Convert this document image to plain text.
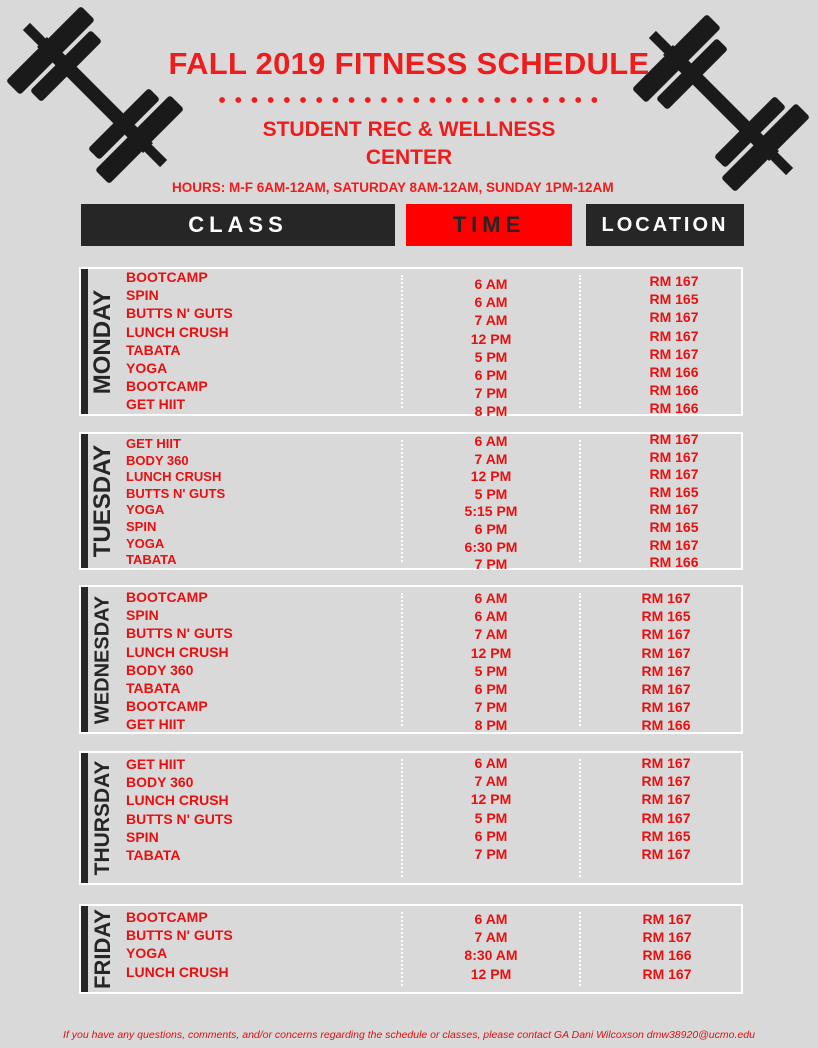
FALL 2019 FITNESS SCHEDULE
STUDENT REC & WELLNESS
CENTER
HOURS: M-F 6AM-12AM, SATURDAY 8AM-12AM, SUNDAY 1PM-12AM
CLASS	TIME	LOCATION
MONDAY
BOOTCAMP
SPIN
BUTTS N' GUTS
LUNCH CRUSH
TABATA
YOGA
BOOTCAMP
GET HIIT
6 AM
6 AM
7 AM
12 PM
5 PM
6 PM
7 PM
8 PM
RM 167
RM 165
RM 167
RM 167
RM 167
RM 166
RM 166
RM 166
TUESDAY
GET HIIT
BODY 360
LUNCH CRUSH
BUTTS N' GUTS
YOGA
SPIN
YOGA
TABATA
6 AM
7 AM
12 PM
5 PM
5:15 PM
6 PM
6:30 PM
7 PM
RM 167
RM 167
RM 167
RM 165
RM 167
RM 165
RM 167
RM 166
WEDNESDAY BOOTCAMP
SPIN
BUTTS N' GUTS
LUNCH CRUSH
BODY 360
TABATA
BOOTCAMP
GET HIIT
6 AM
6 AM
7 AM
12 PM
5 PM
6 PM
7 PM
8 PM
RM 167
RM 165
RM 167
RM 167
RM 167
RM 167
RM 167
RM 166
THURSDAY GET HIIT
BODY 360
LUNCH CRUSH
BUTTS N' GUTS
SPIN
TABATA
6 AM
7 AM
12 PM
5 PM
6 PM
7 PM
RM 167
RM 167
RM 167
RM 167
RM 165
RM 167
FRIDAY BOOTCAMP
BUTTS N' GUTS
YOGA
LUNCH CRUSH
6 AM
7 AM
8:30 AM
12 PM
RM 167
RM 167
RM 166
RM 167
If you have any questions, comments, and/or concerns regarding the schedule or classes, please contact GA Dani Wilcoxson dmw38920@ucmo.edu
